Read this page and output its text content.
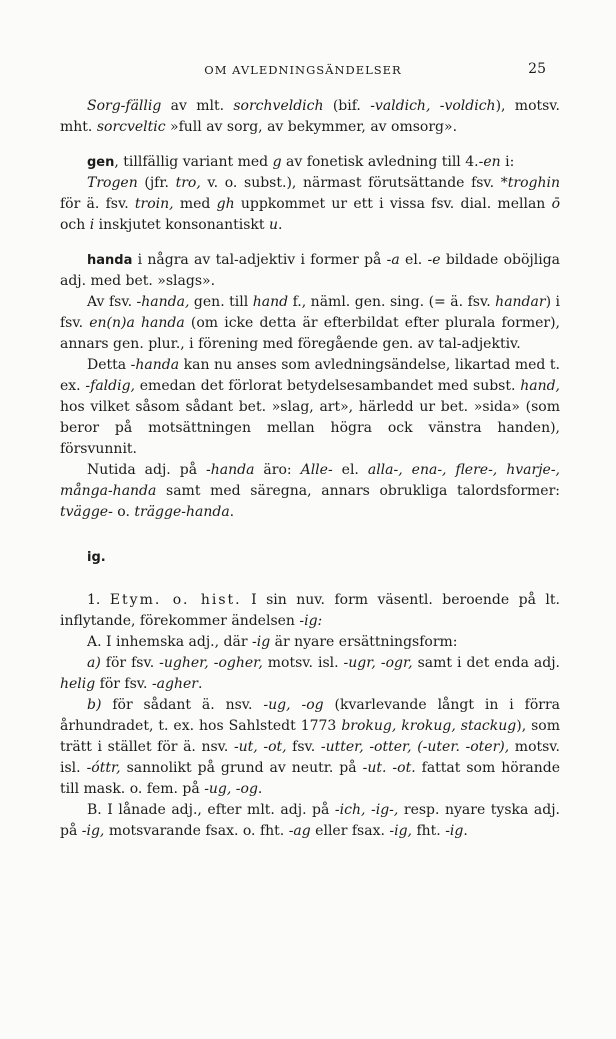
OM AVLEDNINGSÄNDELSER	25

Sorg-fällig av mlt. sorchveldich (bif. -valdich, -voldich), motsv. mht. sorcveltic »full av sorg, av bekymmer, av omsorg».

gen, tillfällig variant med g av fonetisk avledning till 4.-en i:
Trogen (jfr. tro, v. o. subst.), närmast förutsättande fsv. *troghin för ä. fsv. troin, med gh uppkommet ur ett i vissa fsv. dial. mellan ō och i inskjutet konsonantiskt u.

handa i några av tal-adjektiv i former på -a el. -e bildade oböjliga adj. med bet. »slags».

Av fsv. -handa, gen. till hand f., näml. gen. sing. (= ä. fsv. handar) i fsv. en(n)a handa (om icke detta är efterbildat efter plurala former), annars gen. plur., i förening med föregående gen. av tal-adjektiv.

Detta -handa kan nu anses som avledningsändelse, likartad med t. ex. -faldig, emedan det förlorat betydelsesambandet med subst. hand, hos vilket såsom sådant bet. »slag, art», härledd ur bet. »sida» (som beror på motsättningen mellan högra ock vänstra handen), försvunnit.

Nutida adj. på -handa äro: Alle- el. alla-, ena-, flere-, hvarje-, många-handa samt med säregna, annars obrukliga talordsformer: tvägge- o. trägge-handa.

ig.

1. Etym. o. hist. I sin nuv. form väsentl. beroende på lt. inflytande, förekommer ändelsen -ig:

A. I inhemska adj., där -ig är nyare ersättningsform:

a) för fsv. -ugher, -ogher, motsv. isl. -ugr, -ogr, samt i det enda adj. helig för fsv. -agher.

b) för sådant ä. nsv. -ug, -og (kvarlevande långt in i förra århundradet, t. ex. hos Sahlstedt 1773 brokug, krokug, stackug), som trätt i stället för ä. nsv. -ut, -ot, fsv. -utter, -otter, (-uter. -oter), motsv. isl. -óttr, sannolikt på grund av neutr. på -ut. -ot. fattat som hörande till mask. o. fem. på -ug, -og.

B. I lånade adj., efter mlt. adj. på -ich, -ig-, resp. nyare tyska adj. på -ig, motsvarande fsax. o. fht. -ag eller fsax. -ig, fht. -ig.
